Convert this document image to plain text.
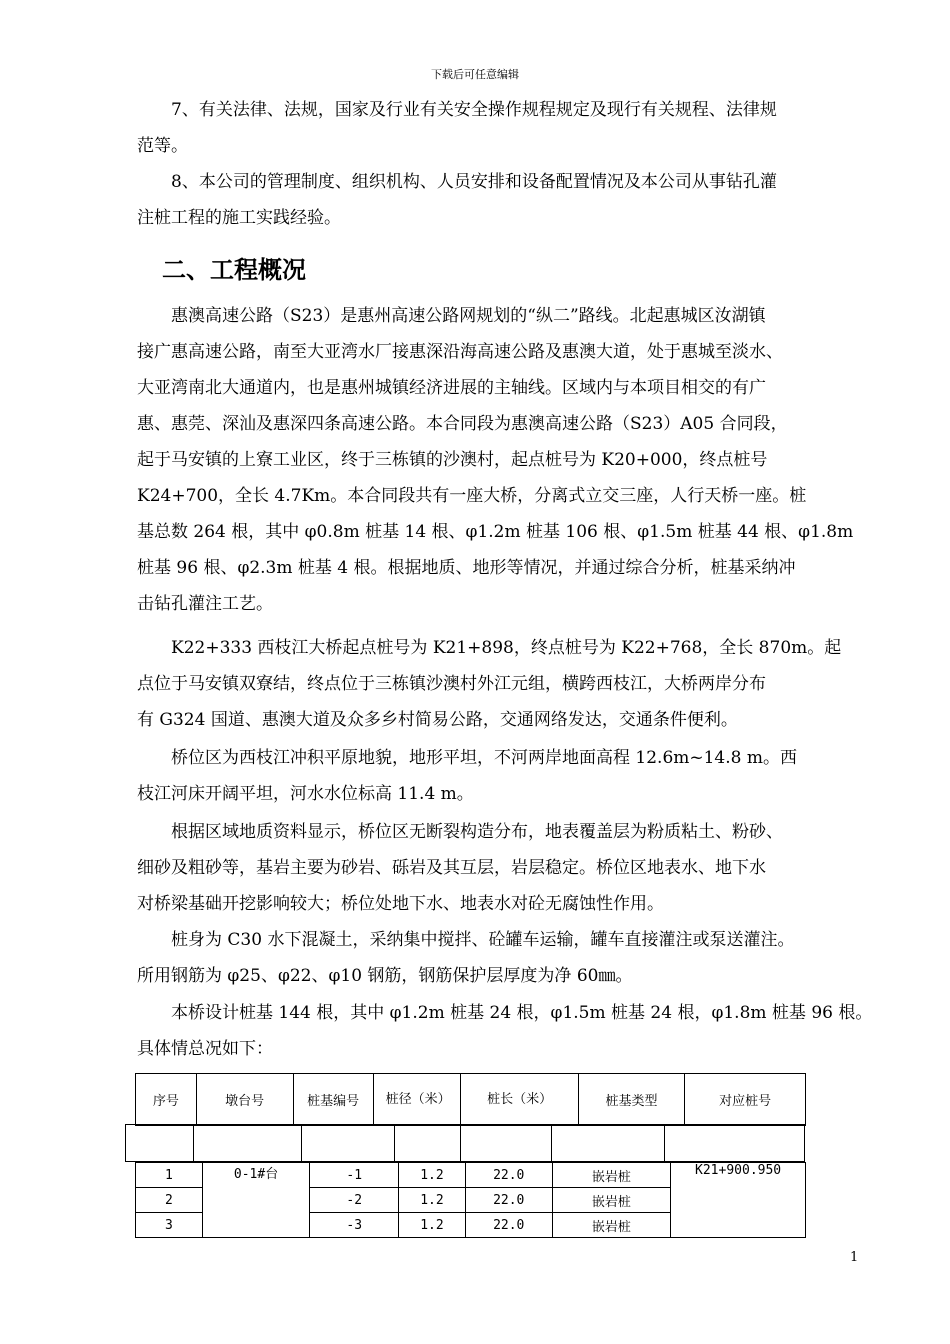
下载后可任意编辑

7、有关法律、法规，国家及行业有关安全操作规程规定及现行有关规程、法律规
范等。

8、本公司的管理制度、组织机构、人员安排和设备配置情况及本公司从事钻孔灌
注桩工程的施工实践经验。

二、工程概况

惠澳高速公路（S23）是惠州高速公路网规划的“纵二”路线。北起惠城区汝湖镇
接广惠高速公路，南至大亚湾水厂接惠深沿海高速公路及惠澳大道，处于惠城至淡水、
大亚湾南北大通道内，也是惠州城镇经济进展的主轴线。区域内与本项目相交的有广
惠、惠莞、深汕及惠深四条高速公路。本合同段为惠澳高速公路（S23）A05 合同段，
起于马安镇的上寮工业区，终于三栋镇的沙澳村，起点桩号为 K20+000，终点桩号
K24+700，全长 4.7Km。本合同段共有一座大桥，分离式立交三座，人行天桥一座。桩
基总数 264 根，其中 φ0.8m 桩基 14 根、φ1.2m 桩基 106 根、φ1.5m 桩基 44 根、φ1.8m
桩基 96 根、φ2.3m 桩基 4 根。根据地质、地形等情况，并通过综合分析，桩基采纳冲
击钻孔灌注工艺。

K22+333 西枝江大桥起点桩号为 K21+898，终点桩号为 K22+768，全长 870m。起
点位于马安镇双寮结，终点位于三栋镇沙澳村外江元组，横跨西枝江，大桥两岸分布
有 G324 国道、惠澳大道及众多乡村简易公路，交通网络发达，交通条件便利。

桥位区为西枝江冲积平原地貌，地形平坦，不河两岸地面高程 12.6m~14.8 m。西
枝江河床开阔平坦，河水水位标高 11.4 m。

根据区域地质资料显示，桥位区无断裂构造分布，地表覆盖层为粉质粘土、粉砂、
细砂及粗砂等，基岩主要为砂岩、砾岩及其互层，岩层稳定。桥位区地表水、地下水
对桥梁基础开挖影响较大；桥位处地下水、地表水对砼无腐蚀性作用。

桩身为 C30 水下混凝土，采纳集中搅拌、砼罐车运输，罐车直接灌注或泵送灌注。
所用钢筋为 φ25、φ22、φ10 钢筋，钢筋保护层厚度为净 60㎜。

本桥设计桩基 144 根，其中 φ1.2m 桩基 24 根，φ1.5m 桩基 24 根，φ1.8m 桩基 96 根。
具体情总况如下：

序号	墩台号	桩基编号	桩径（米）	桩长（米）	桩基类型	对应桩号

1	0-1#台	-1	1.2	22.0	嵌岩桩	K21+900.950
2		-2	1.2	22.0	嵌岩桩	
3		-3	1.2	22.0	嵌岩桩	
1
